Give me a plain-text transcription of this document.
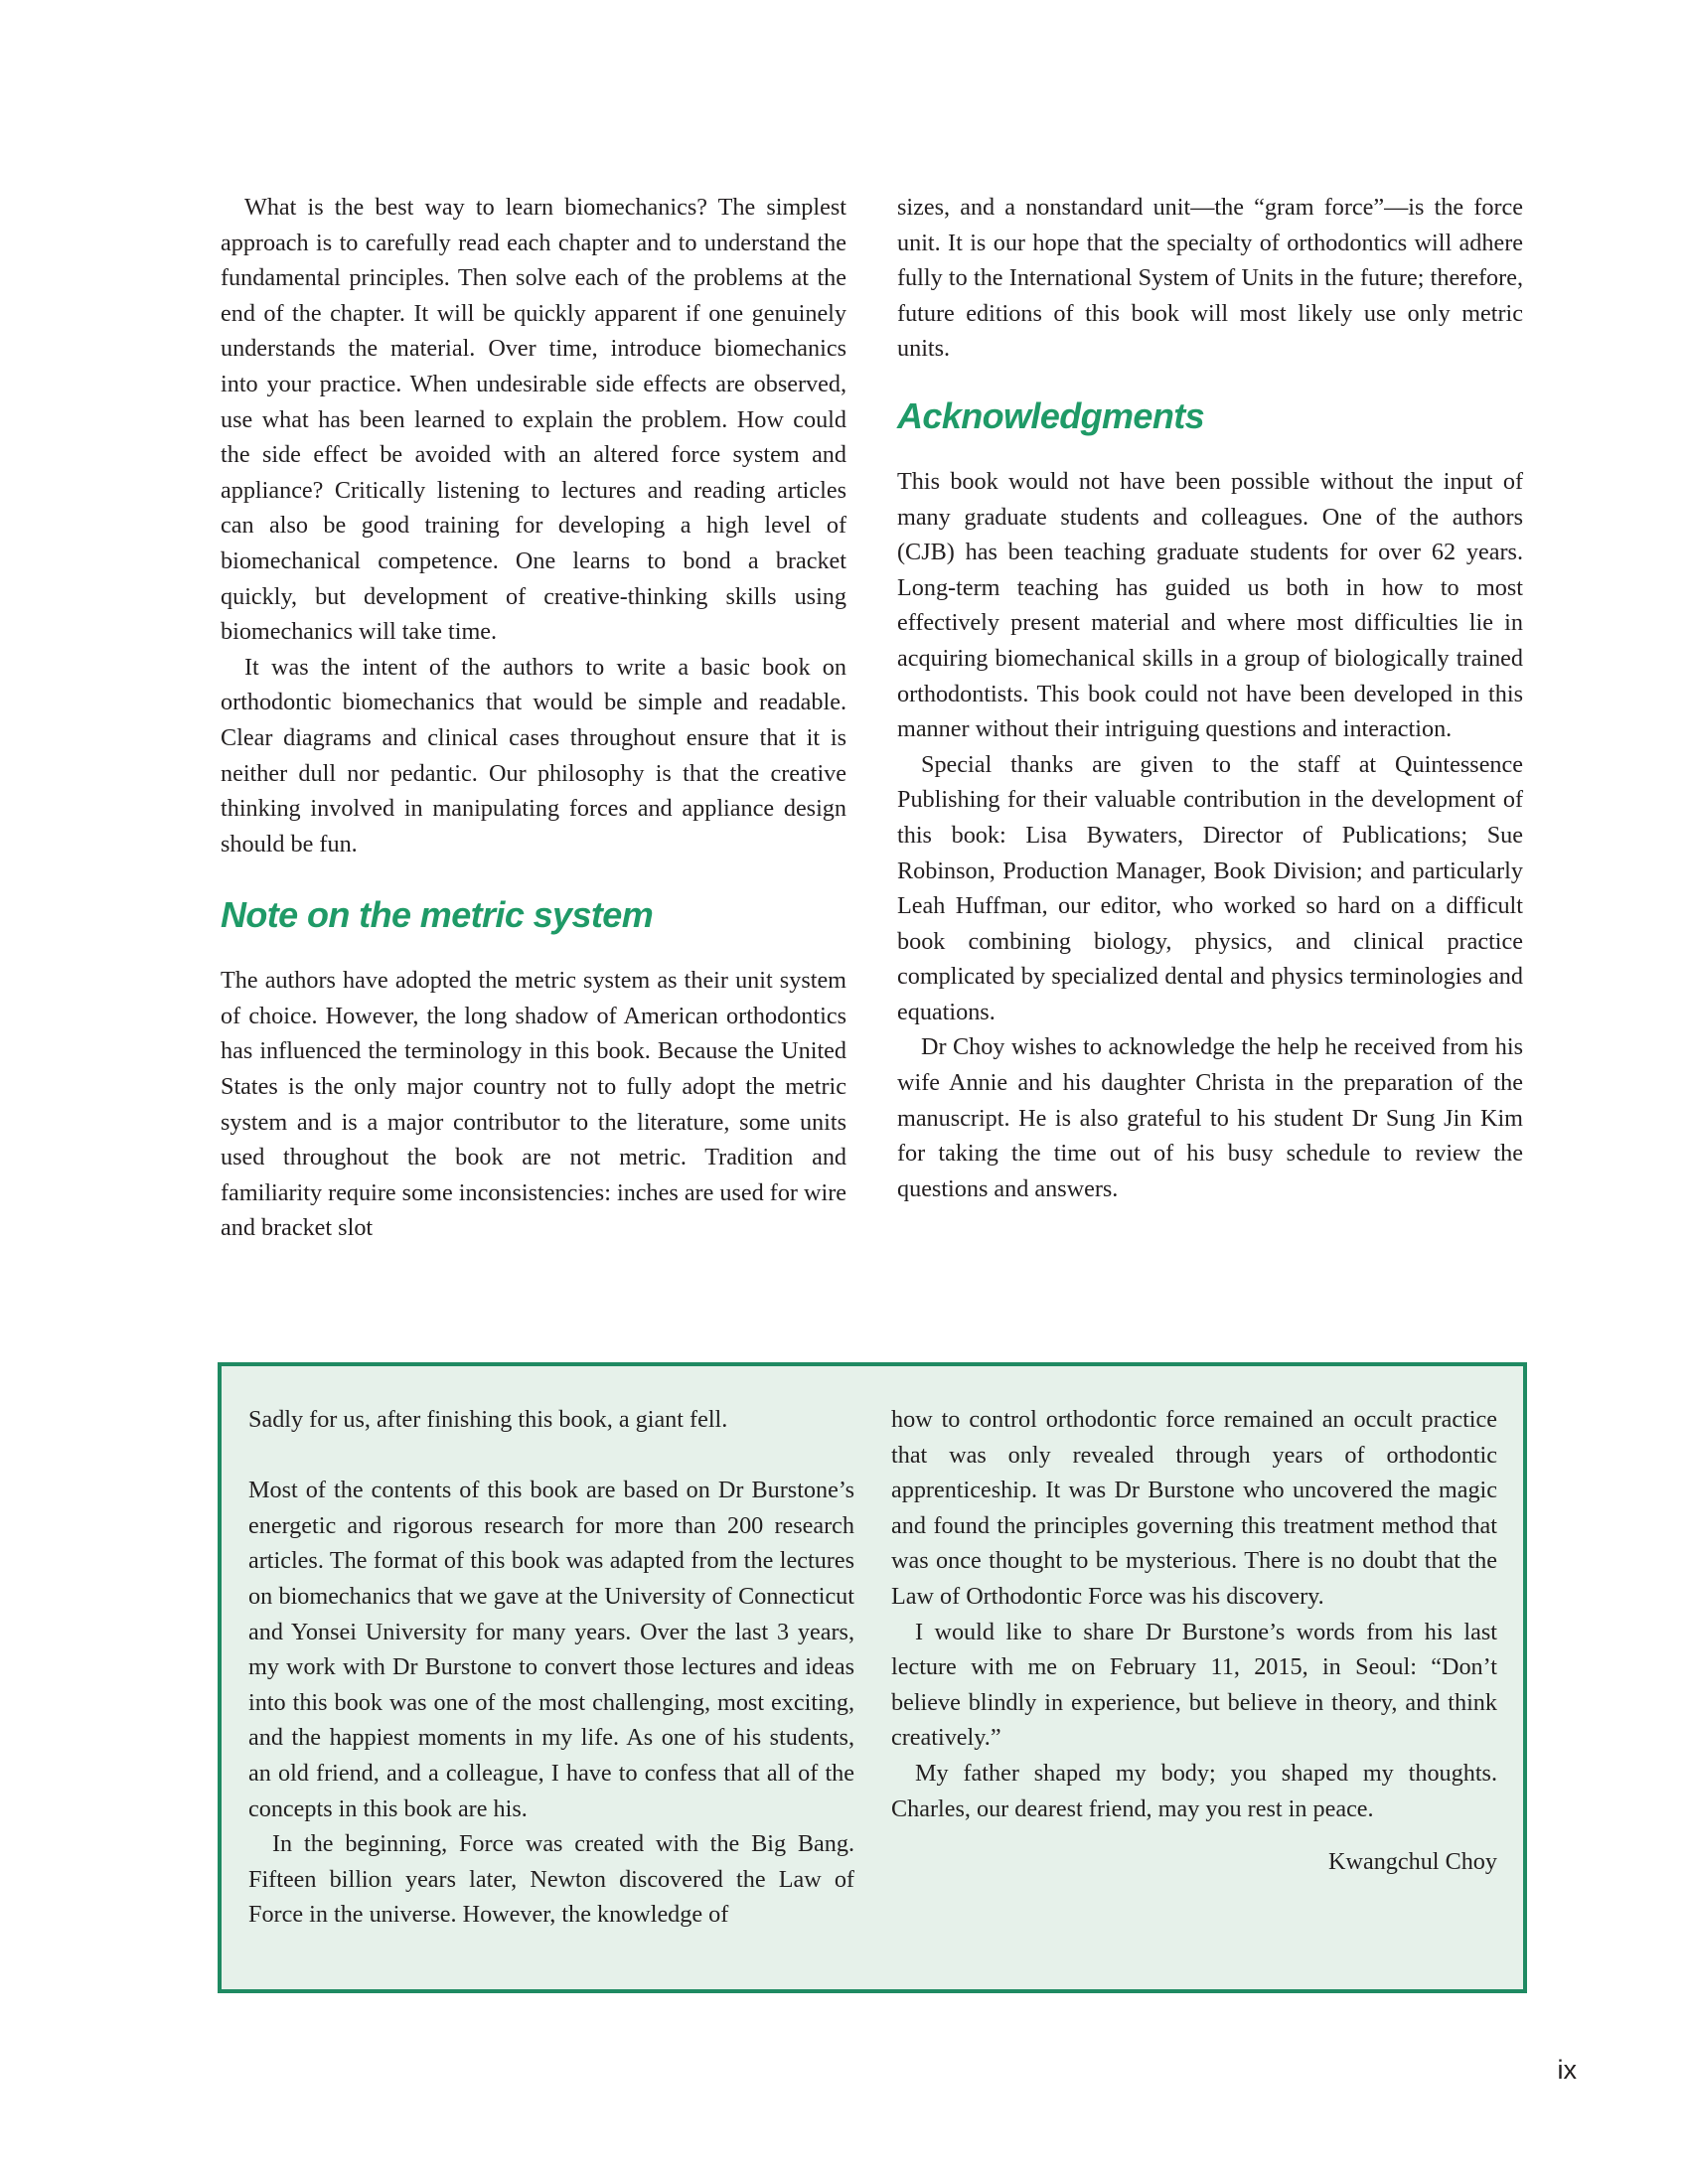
What is the best way to learn biomechanics? The simplest approach is to carefully read each chapter and to understand the fundamental principles. Then solve each of the problems at the end of the chapter. It will be quickly apparent if one genuinely understands the material. Over time, introduce biomechanics into your practice. When undesirable side effects are observed, use what has been learned to explain the problem. How could the side effect be avoided with an altered force system and appliance? Critically listening to lectures and reading articles can also be good training for developing a high level of biomechanical competence. One learns to bond a bracket quickly, but development of creative-thinking skills using biomechanics will take time.

It was the intent of the authors to write a basic book on orthodontic biomechanics that would be simple and readable. Clear diagrams and clinical cases throughout ensure that it is neither dull nor pedantic. Our philosophy is that the creative thinking involved in manipulating forces and appliance design should be fun.

Note on the metric system

The authors have adopted the metric system as their unit system of choice. However, the long shadow of American orthodontics has influenced the terminology in this book. Because the United States is the only major country not to fully adopt the metric system and is a major contributor to the literature, some units used throughout the book are not metric. Tradition and familiarity require some inconsistencies: inches are used for wire and bracket slot

sizes, and a nonstandard unit—the “gram force”—is the force unit. It is our hope that the specialty of orthodontics will adhere fully to the International System of Units in the future; therefore, future editions of this book will most likely use only metric units.

Acknowledgments

This book would not have been possible without the input of many graduate students and colleagues. One of the authors (CJB) has been teaching graduate students for over 62 years. Long-term teaching has guided us both in how to most effectively present material and where most difficulties lie in acquiring biomechanical skills in a group of biologically trained orthodontists. This book could not have been developed in this manner without their intriguing questions and interaction.

Special thanks are given to the staff at Quintessence Publishing for their valuable contribution in the development of this book: Lisa Bywaters, Director of Publications; Sue Robinson, Production Manager, Book Division; and particularly Leah Huffman, our editor, who worked so hard on a difficult book combining biology, physics, and clinical practice complicated by specialized dental and physics terminologies and equations.

Dr Choy wishes to acknowledge the help he received from his wife Annie and his daughter Christa in the preparation of the manuscript. He is also grateful to his student Dr Sung Jin Kim for taking the time out of his busy schedule to review the questions and answers.

Sadly for us, after finishing this book, a giant fell.

Most of the contents of this book are based on Dr Burstone’s energetic and rigorous research for more than 200 research articles. The format of this book was adapted from the lectures on biomechanics that we gave at the University of Connecticut and Yonsei University for many years. Over the last 3 years, my work with Dr Burstone to convert those lectures and ideas into this book was one of the most challenging, most exciting, and the happiest moments in my life. As one of his students, an old friend, and a colleague, I have to confess that all of the concepts in this book are his.

In the beginning, Force was created with the Big Bang. Fifteen billion years later, Newton discovered the Law of Force in the universe. However, the knowledge of

how to control orthodontic force remained an occult practice that was only revealed through years of orthodontic apprenticeship. It was Dr Burstone who uncovered the magic and found the principles governing this treatment method that was once thought to be mysterious. There is no doubt that the Law of Orthodontic Force was his discovery.

I would like to share Dr Burstone’s words from his last lecture with me on February 11, 2015, in Seoul: “Don’t believe blindly in experience, but believe in theory, and think creatively.”

My father shaped my body; you shaped my thoughts. Charles, our dearest friend, may you rest in peace.

Kwangchul Choy

ix
